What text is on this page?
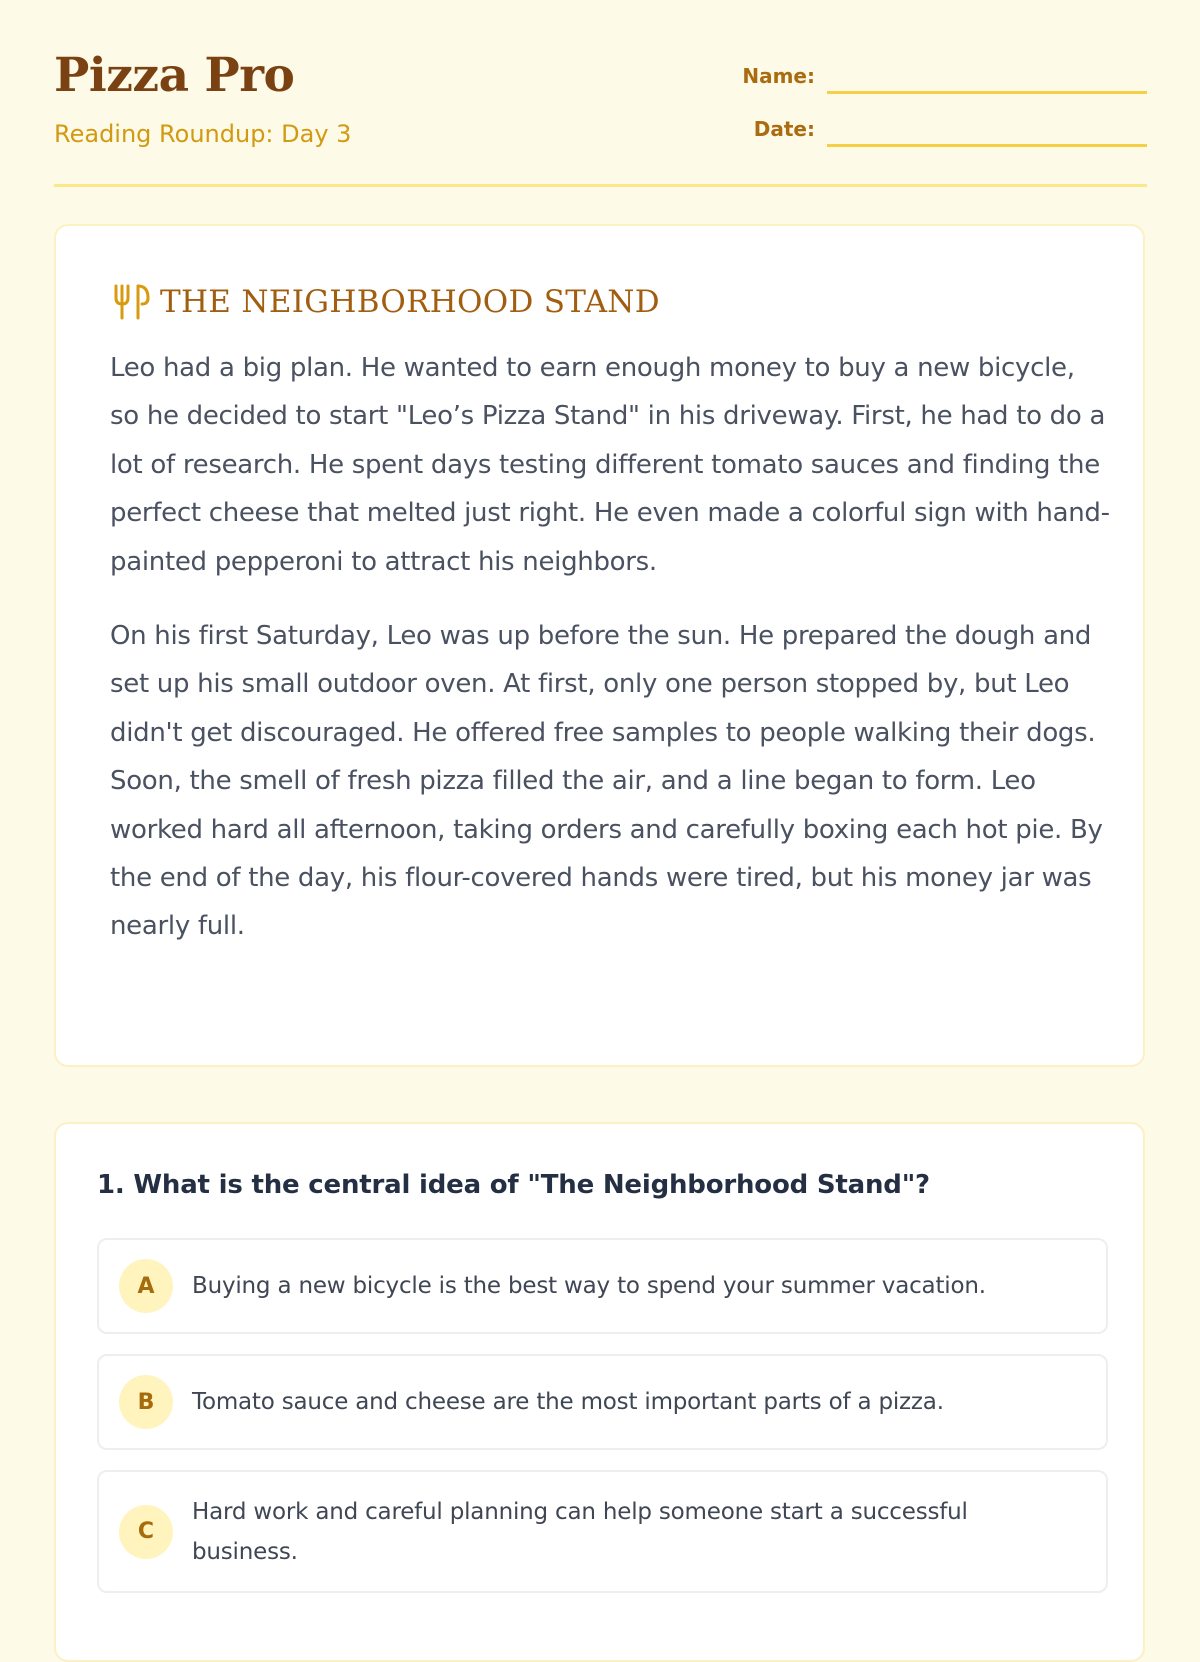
Pizza Pro
Reading Roundup: Day 3
Name:
Date:
THE NEIGHBORHOOD STAND

Leo had a big plan. He wanted to earn enough money to buy a new bicycle, so he decided to start "Leo’s Pizza Stand" in his driveway. First, he had to do a lot of research. He spent days testing different tomato sauces and finding the perfect cheese that melted just right. He even made a colorful sign with hand-painted pepperoni to attract his neighbors.

On his first Saturday, Leo was up before the sun. He prepared the dough and set up his small outdoor oven. At first, only one person stopped by, but Leo didn't get discouraged. He offered free samples to people walking their dogs. Soon, the smell of fresh pizza filled the air, and a line began to form. Leo worked hard all afternoon, taking orders and carefully boxing each hot pie. By the end of the day, his flour-covered hands were tired, but his money jar was nearly full.

1. What is the central idea of "The Neighborhood Stand"?
A	Buying a new bicycle is the best way to spend your summer vacation.
B	Tomato sauce and cheese are the most important parts of a pizza.
C
Hard work and careful planning can help someone start a successful business.
